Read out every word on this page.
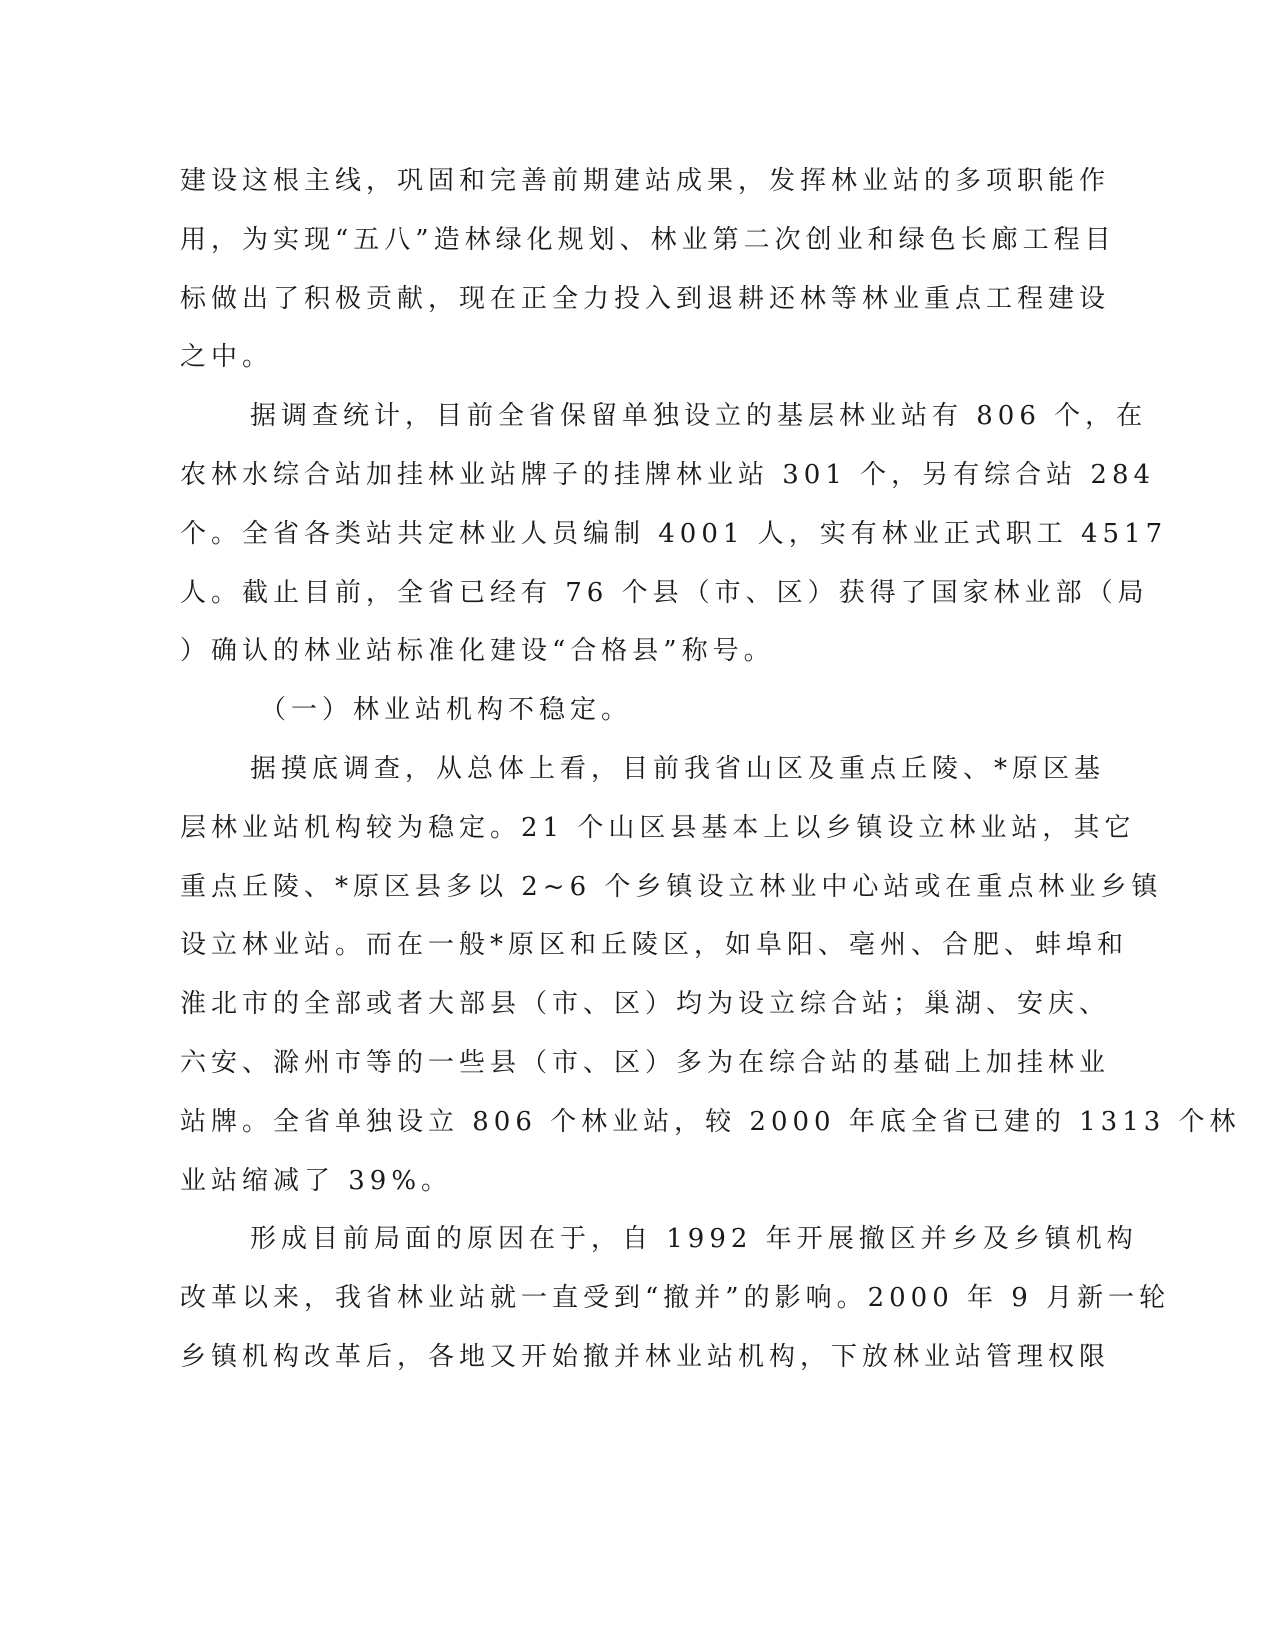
建设这根主线，巩固和完善前期建站成果，发挥林业站的多项职能作
用，为实现“五八”造林绿化规划、林业第二次创业和绿色长廊工程目
标做出了积极贡献，现在正全力投入到退耕还林等林业重点工程建设
之中。

据调查统计，目前全省保留单独设立的基层林业站有 806 个，在
农林水综合站加挂林业站牌子的挂牌林业站 301 个，另有综合站 284
个。全省各类站共定林业人员编制 4001 人，实有林业正式职工 4517
人。截止目前，全省已经有 76 个县（市、区）获得了国家林业部（局
）确认的林业站标准化建设“合格县”称号。

（一）林业站机构不稳定。

据摸底调查，从总体上看，目前我省山区及重点丘陵、*原区基
层林业站机构较为稳定。21 个山区县基本上以乡镇设立林业站，其它
重点丘陵、*原区县多以 2~6 个乡镇设立林业中心站或在重点林业乡镇
设立林业站。而在一般*原区和丘陵区，如阜阳、亳州、合肥、蚌埠和
淮北市的全部或者大部县（市、区）均为设立综合站；巢湖、安庆、
六安、滁州市等的一些县（市、区）多为在综合站的基础上加挂林业
站牌。全省单独设立 806 个林业站，较 2000 年底全省已建的 1313 个林
业站缩减了 39%。

形成目前局面的原因在于，自 1992 年开展撤区并乡及乡镇机构
改革以来，我省林业站就一直受到“撤并”的影响。2000 年 9 月新一轮
乡镇机构改革后，各地又开始撤并林业站机构，下放林业站管理权限
